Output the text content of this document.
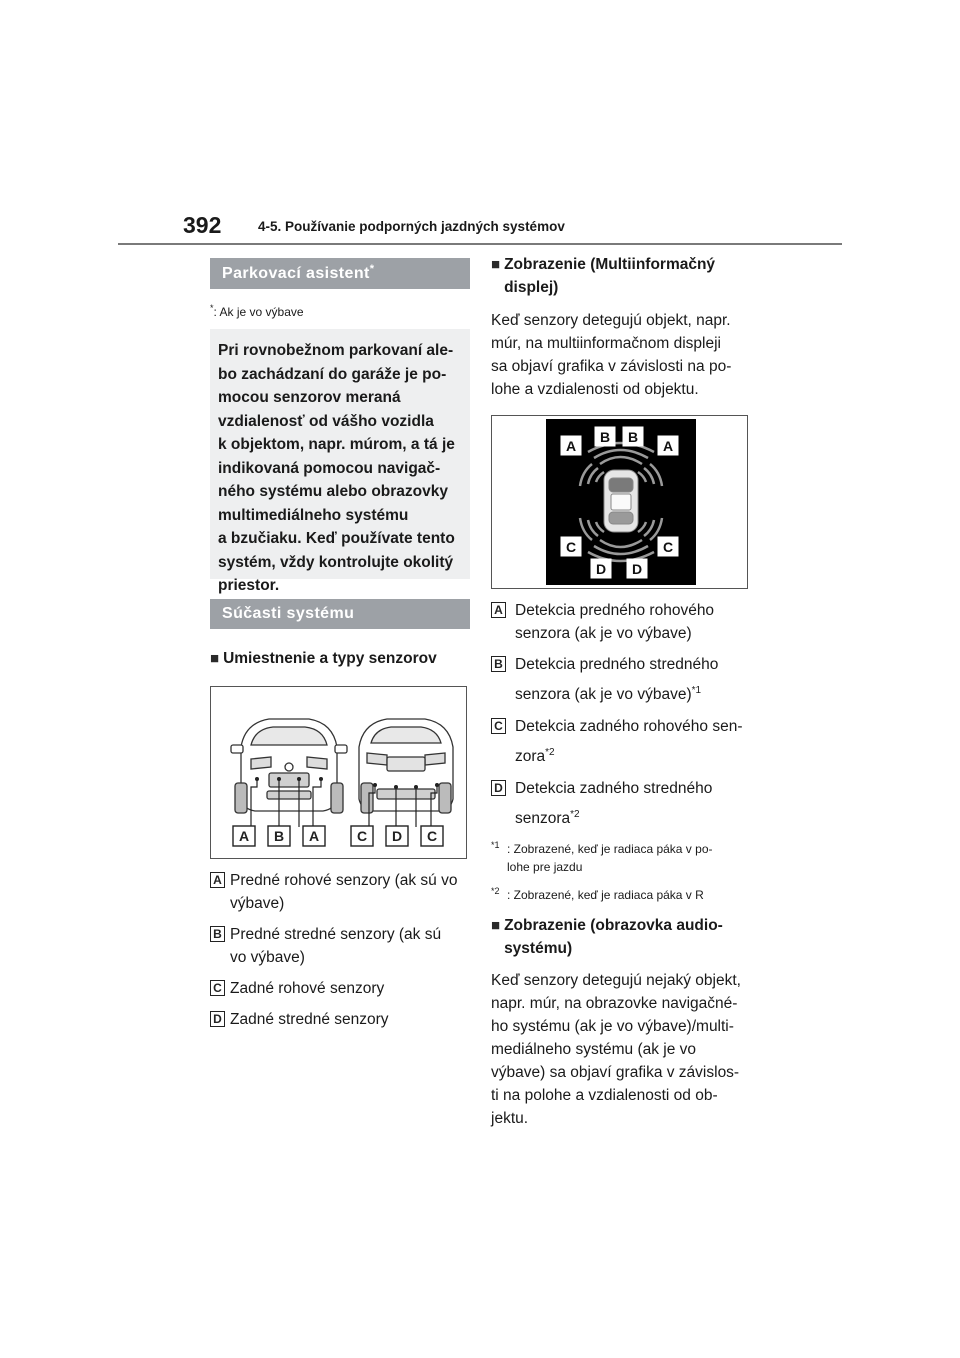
392	4-5. Používanie podporných jazdných systémov
Parkovací asistent*
*: Ak je vo výbave
Pri rovnobežnom parkovaní ale-
bo zachádzaní do garáže je po-
mocou senzorov meraná
vzdialenosť od vášho vozidla
k objektom, napr. múrom, a tá je
indikovaná pomocou navigač-
ného systému alebo obrazovky
multimediálneho systému
a bzučiaku. Keď používate tento
systém, vždy kontrolujte okolitý
priestor.
Súčasti systému
■ Umiestnenie a typy senzorov
A B A	C D C
A Predné rohové senzory (ak sú vo
výbave)
B Predné stredné senzory (ak sú
vo výbave)
C Zadné rohové senzory
D Zadné stredné senzory
■ Zobrazenie (Multiinformačný
displej)
Keď senzory detegujú objekt, napr.
múr, na multiinformačnom displeji
sa objaví grafika v závislosti na po-
lohe a vzdialenosti od objektu.
A
B B
A
C	C
D D
A Detekcia predného rohového
senzora (ak je vo výbave)
B Detekcia predného stredného
senzora (ak je vo výbave)$^{*1}$
C Detekcia zadného rohového sen-
zora$^{*2}$
D Detekcia zadného stredného
senzora$^{*2}$
*1 : Zobrazené, keď je radiaca páka v po-
lohe pre jazdu
*2 : Zobrazené, keď je radiaca páka v R
■ Zobrazenie (obrazovka audio-
systému)
Keď senzory detegujú nejaký objekt,
napr. múr, na obrazovke navigačné-
ho systému (ak je vo výbave)/multi-
mediálneho systému (ak je vo
výbave) sa objaví grafika v závislos-
ti na polohe a vzdialenosti od ob-
jektu.
